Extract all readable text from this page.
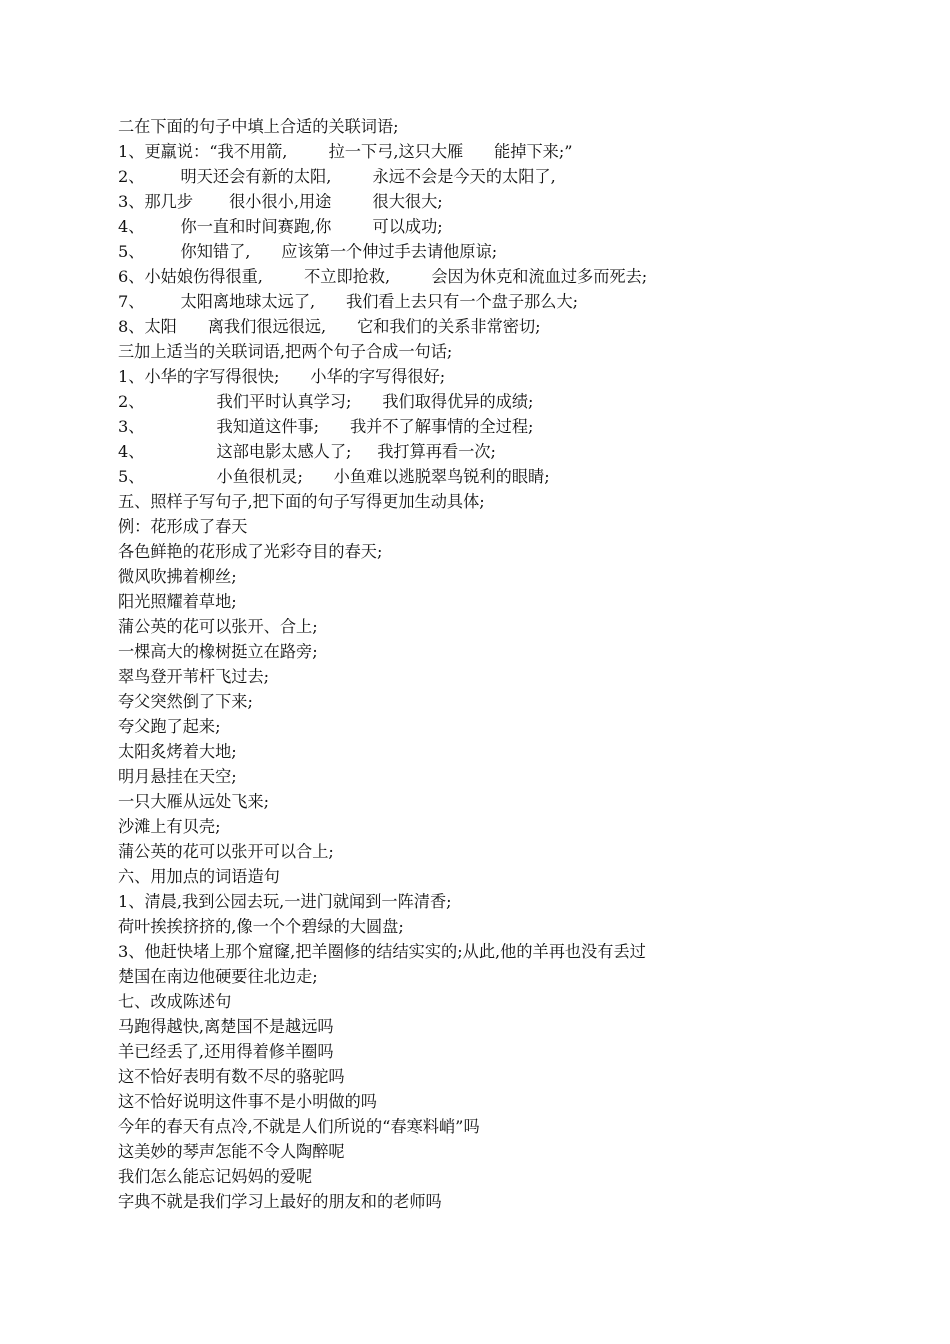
二在下面的句子中填上合适的关联词语;
1、更羸说：“我不用箭,        拉一下弓,这只大雁      能掉下来;”
2、       明天还会有新的太阳,        永远不会是今天的太阳了,
3、那几步       很小很小,用途        很大很大;
4、       你一直和时间赛跑,你        可以成功;
5、       你知错了,      应该第一个伸过手去请他原谅;
6、小姑娘伤得很重,        不立即抢救,        会因为休克和流血过多而死去;
7、       太阳离地球太远了,      我们看上去只有一个盘子那么大;
8、太阳      离我们很远很远,      它和我们的关系非常密切;
三加上适当的关联词语,把两个句子合成一句话;
1、小华的字写得很快;      小华的字写得很好;
2、              我们平时认真学习;      我们取得优异的成绩;
3、              我知道这件事;      我并不了解事情的全过程;
4、              这部电影太感人了;     我打算再看一次;
5、              小鱼很机灵;      小鱼难以逃脱翠鸟锐利的眼睛;
五、照样子写句子,把下面的句子写得更加生动具体;
例：花形成了春天
各色鲜艳的花形成了光彩夺目的春天;
微风吹拂着柳丝;
阳光照耀着草地;
蒲公英的花可以张开、合上;
一棵高大的橡树挺立在路旁;
翠鸟登开苇杆飞过去;
夸父突然倒了下来;
夸父跑了起来;
太阳炙烤着大地;
明月悬挂在天空;
一只大雁从远处飞来;
沙滩上有贝壳;
蒲公英的花可以张开可以合上;
六、用加点的词语造句
1、清晨,我到公园去玩,一进门就闻到一阵清香;
荷叶挨挨挤挤的,像一个个碧绿的大圆盘;
3、他赶快堵上那个窟窿,把羊圈修的结结实实的;从此,他的羊再也没有丢过
楚国在南边他硬要往北边走;
七、改成陈述句
马跑得越快,离楚国不是越远吗
羊已经丢了,还用得着修羊圈吗
这不恰好表明有数不尽的骆驼吗
这不恰好说明这件事不是小明做的吗
今年的春天有点冷,不就是人们所说的“春寒料峭”吗
这美妙的琴声怎能不令人陶醉呢
我们怎么能忘记妈妈的爱呢
字典不就是我们学习上最好的朋友和的老师吗
